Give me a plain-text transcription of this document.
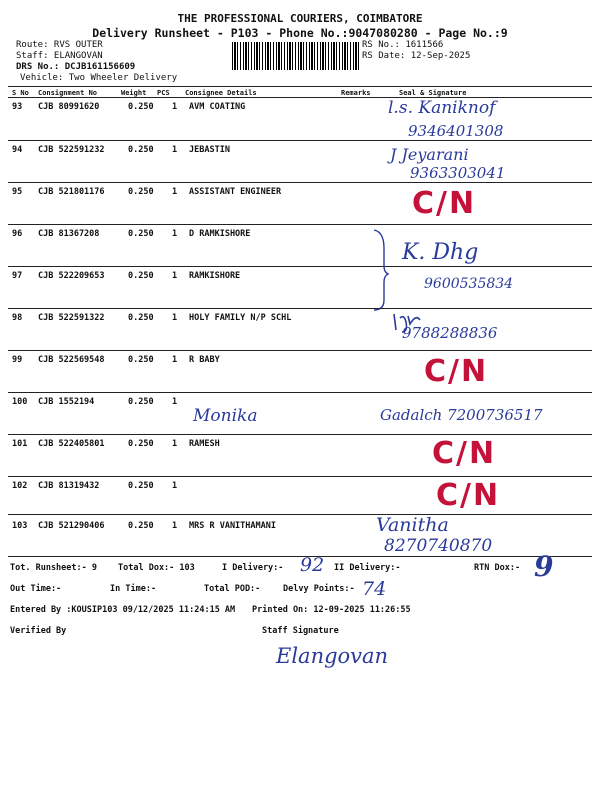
THE PROFESSIONAL COURIERS, COIMBATORE
Delivery Runsheet - P103 - Phone No.:9047080280 - Page No.:9
Route: RVS OUTER
Staff: ELANGOVAN
DRS No.: DCJB161156609
Vehicle: Two Wheeler Delivery
RS No.: 1611566
RS Date: 12-Sep-2025
S No Consignment No	Weight PCS Consignee Details	Remarks	Seal & Signature
93 CJB 80991620	0.250 1 AVM COATING	l.s. Kaniknof
9346401308
94 CJB 522591232	0.250 1 JEBASTIN	J Jeyarani
9363303041
95 CJB 521801176	0.250 1 ASSISTANT ENGINEER	C/N
96 CJB 81367208	0.250 1 D RAMKISHORE
97 CJB 522209653	0.250 1 RAMKISHORE
K. Dhg
9600535834
98 CJB 522591322	0.250 1 HOLY FAMILY N/P SCHL
9788288836
99 CJB 522569548	0.250 1 R BABY	C/N
100 CJB 1552194	0.250 1
Monika	Gadalch 7200736517
101 CJB 522405801	0.250 1 RAMESH	C/N
102 CJB 81319432	0.250 1	C/N
103 CJB 521290406	0.250 1 MRS R VANITHAMANI	Vanitha
8270740870
Tot. Runsheet:- 9 Total Dox:- 103	I Delivery:- 92 II Delivery:-	RTN Dox:- 9
Out Time:-	In Time:-	Total POD:-	Delvy Points:- 74
Entered By :KOUSIP103 09/12/2025 11:24:15 AM Printed On: 12-09-2025 11:26:55
Verified By	Staff Signature
Elangovan
